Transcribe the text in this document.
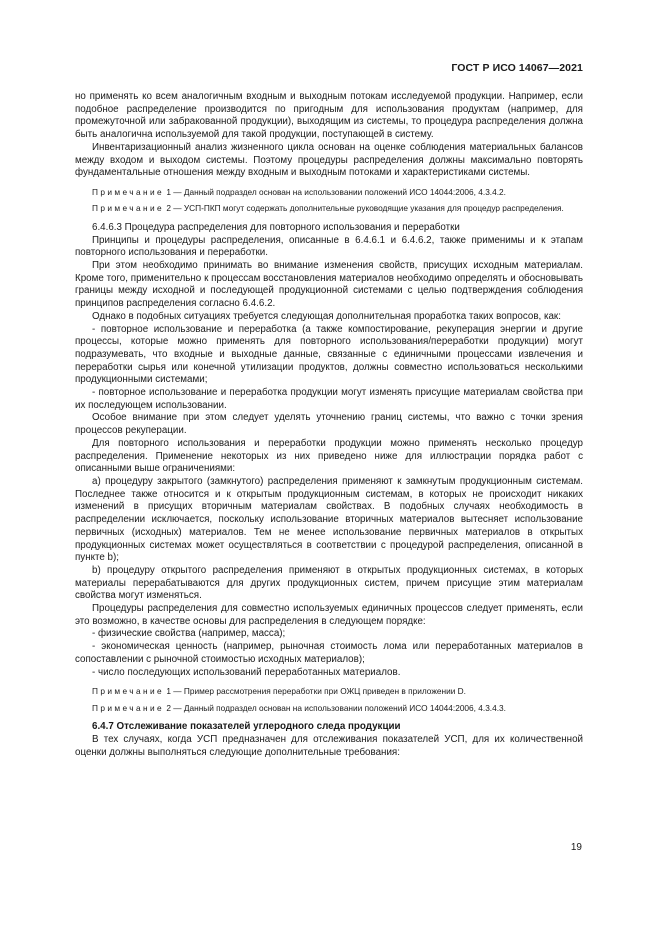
ГОСТ Р ИСО 14067—2021

но применять ко всем аналогичным входным и выходным потокам исследуемой продукции. Например, если подобное распределение производится по пригодным для использования продуктам (например, для промежуточной или забракованной продукции), выходящим из системы, то процедура распределения должна быть аналогична используемой для такой продукции, поступающей в систему.

Инвентаризационный анализ жизненного цикла основан на оценке соблюдения материальных балансов между входом и выходом системы. Поэтому процедуры распределения должны максимально повторять фундаментальные отношения между входным и выходным потоками и характеристиками системы.

Примечание 1 — Данный подраздел основан на использовании положений ИСО 14044:2006, 4.3.4.2.

Примечание 2 — УСП-ПКП могут содержать дополнительные руководящие указания для процедур распределения.

6.4.6.3 Процедура распределения для повторного использования и переработки

Принципы и процедуры распределения, описанные в 6.4.6.1 и 6.4.6.2, также применимы и к этапам повторного использования и переработки.

При этом необходимо принимать во внимание изменения свойств, присущих исходным материалам. Кроме того, применительно к процессам восстановления материалов необходимо определять и обосновывать границы между исходной и последующей продукционной системами с целью подтверждения соблюдения принципов распределения согласно 6.4.6.2.

Однако в подобных ситуациях требуется следующая дополнительная проработка таких вопросов, как:

- повторное использование и переработка (а также компостирование, рекуперация энергии и другие процессы, которые можно применять для повторного использования/переработки продукции) могут подразумевать, что входные и выходные данные, связанные с единичными процессами извлечения и переработки сырья или конечной утилизации продуктов, должны совместно использоваться несколькими продукционными системами;

- повторное использование и переработка продукции могут изменять присущие материалам свойства при их последующем использовании.

Особое внимание при этом следует уделять уточнению границ системы, что важно с точки зрения процессов рекуперации.

Для повторного использования и переработки продукции можно применять несколько процедур распределения. Применение некоторых из них приведено ниже для иллюстрации порядка работ с описанными выше ограничениями:

a) процедуру закрытого (замкнутого) распределения применяют к замкнутым продукционным системам. Последнее также относится и к открытым продукционным системам, в которых не происходит никаких изменений в присущих вторичным материалам свойствах. В подобных случаях необходимость в распределении исключается, поскольку использование вторичных материалов вытесняет использование первичных (исходных) материалов. Тем не менее использование первичных материалов в открытых продукционных системах может осуществляться в соответствии с процедурой распределения, описанной в пункте b);

b) процедуру открытого распределения применяют в открытых продукционных системах, в которых материалы перерабатываются для других продукционных систем, причем присущие этим материалам свойства могут изменяться.

Процедуры распределения для совместно используемых единичных процессов следует применять, если это возможно, в качестве основы для распределения в следующем порядке:

- физические свойства (например, масса);

- экономическая ценность (например, рыночная стоимость лома или переработанных материалов в сопоставлении с рыночной стоимостью исходных материалов);

- число последующих использований переработанных материалов.

Примечание 1 — Пример рассмотрения переработки при ОЖЦ приведен в приложении D.

Примечание 2 — Данный подраздел основан на использовании положений ИСО 14044:2006, 4.3.4.3.

6.4.7 Отслеживание показателей углеродного следа продукции

В тех случаях, когда УСП предназначен для отслеживания показателей УСП, для их количественной оценки должны выполняться следующие дополнительные требования:

19
